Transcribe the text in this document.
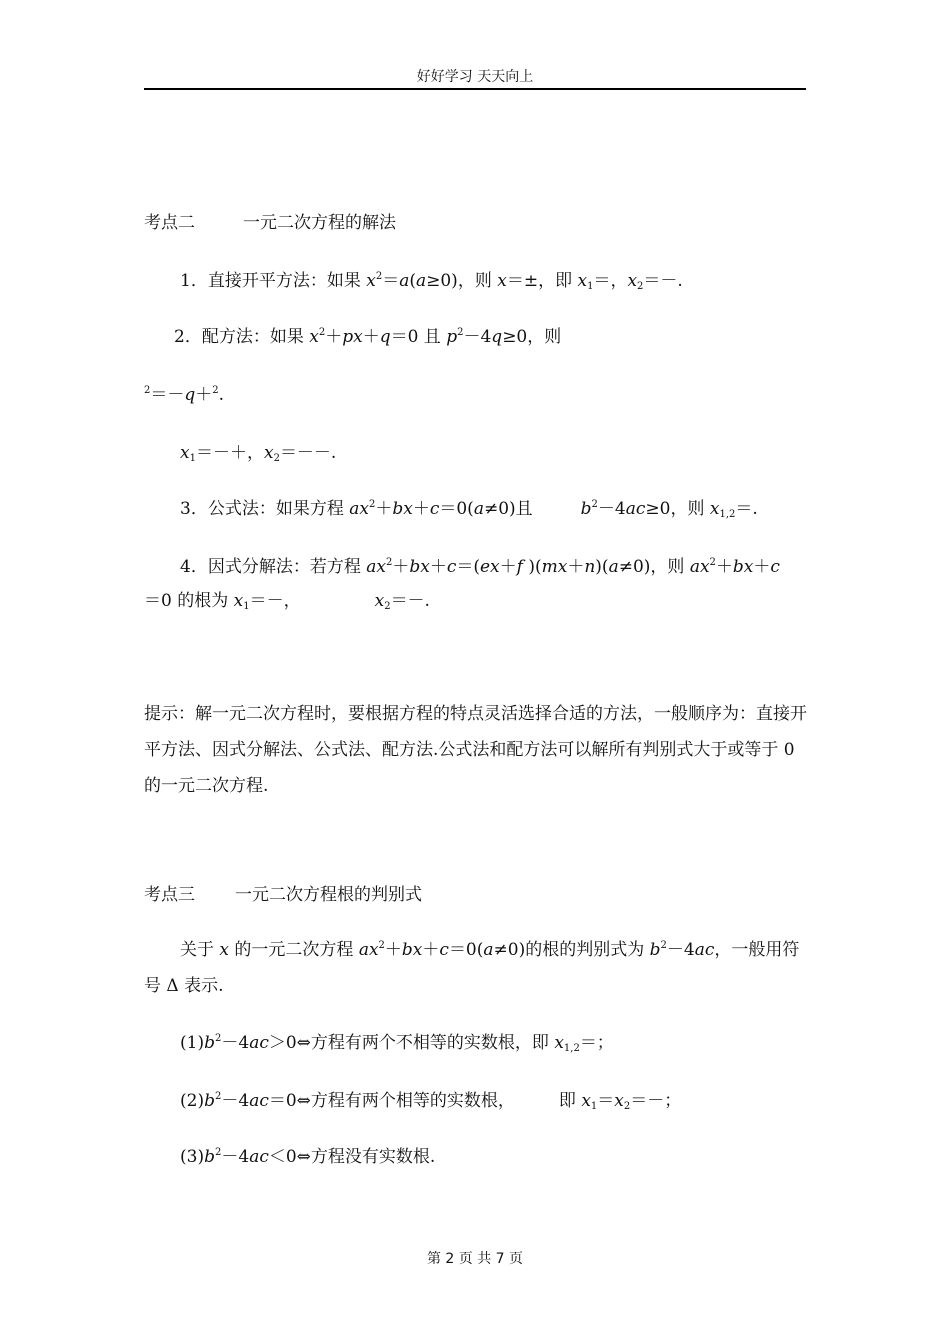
好好学习 天天向上
考点二	一元二次方程的解法
1．直接开平方法：如果 $x^2=a(a\ge 0)$，则 x＝±，即 $x_1=$，$x_2=-$.
2．配方法：如果 $x^2+px+q=0$ 且 $p^2-4q\ge 0$，则
$^2$＝－q＋$^2$.
$x_1=-+$，$x_2=--$.
3．公式法：如果方程 $ax^2+bx+c=0(a\ne 0)$且	$b^2-4ac\ge 0$，则 $x_{1,2}=$.
4．因式分解法：若方程 $ax^2+bx+c=(ex+f$ )(mx＋n)(a≠0)，则 $ax^2+bx+c$
＝0 的根为 $x_1=-$，	$x_2=-$.
提示：解一元二次方程时，要根据方程的特点灵活选择合适的方法，一般顺序为：直接开平方法、因式分解法、公式法、配方法.公式法和配方法可以解所有判别式大于或等于 0 的一元二次方程.
考点三 一元二次方程根的判别式
关于 x 的一元二次方程 $ax^2+bx+c=0(a\ne 0)$的根的判别式为 $b^2-4ac$，一般用符号 Δ 表示.
$(1)b^2-4ac>0\Leftrightarrow$方程有两个不相等的实数根，即 $x_{1,2}=$；
$(2)b^2-4ac=0\Leftrightarrow$方程有两个相等的实数根，	即 $x_1=x_2=-$；
$(3)b^2-4ac<0\Leftrightarrow$方程没有实数根.
第 2 页 共 7 页
